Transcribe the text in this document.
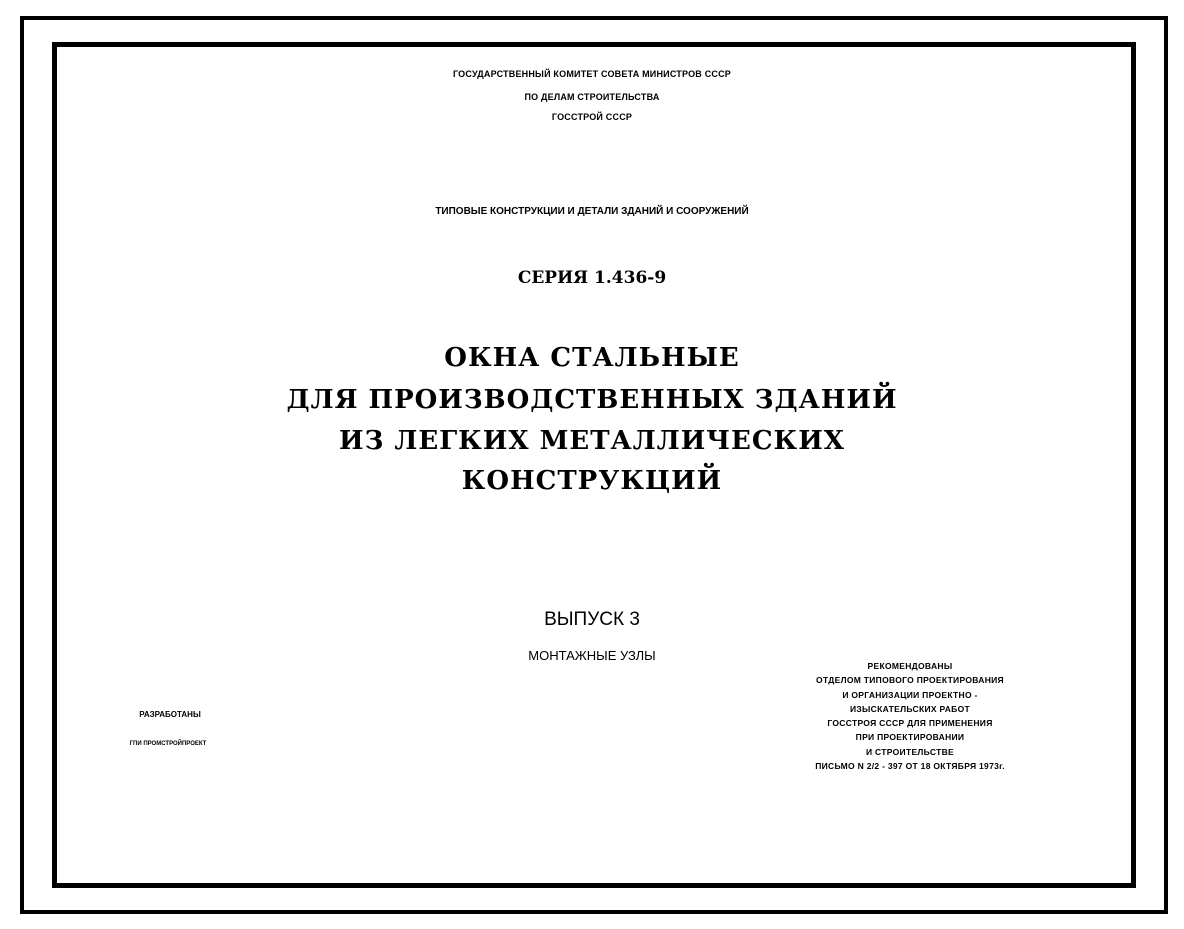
ГОСУДАРСТВЕННЫЙ КОМИТЕТ СОВЕТА МИНИСТРОВ СССР
ПО ДЕЛАМ СТРОИТЕЛЬСТВА
ГОССТРОЙ СССР
ТИПОВЫЕ КОНСТРУКЦИИ И ДЕТАЛИ ЗДАНИЙ И СООРУЖЕНИЙ
СЕРИЯ 1.436-9
ОКНА СТАЛЬНЫЕ
ДЛЯ ПРОИЗВОДСТВЕННЫХ ЗДАНИЙ
ИЗ ЛЕГКИХ МЕТАЛЛИЧЕСКИХ
КОНСТРУКЦИЙ
ВЫПУСК 3
МОНТАЖНЫЕ УЗЛЫ
РАЗРАБОТАНЫ
ГПИ ПРОМСТРОЙПРОЕКТ
РЕКОМЕНДОВАНЫ
ОТДЕЛОМ ТИПОВОГО ПРОЕКТИРОВАНИЯ
И ОРГАНИЗАЦИИ ПРОЕКТНО -
ИЗЫСКАТЕЛЬСКИХ РАБОТ
ГОССТРОЯ СССР ДЛЯ ПРИМЕНЕНИЯ
ПРИ ПРОЕКТИРОВАНИИ
И СТРОИТЕЛЬСТВЕ
ПИСЬМО N 2/2 - 397 ОТ 18 ОКТЯБРЯ 1973г.
